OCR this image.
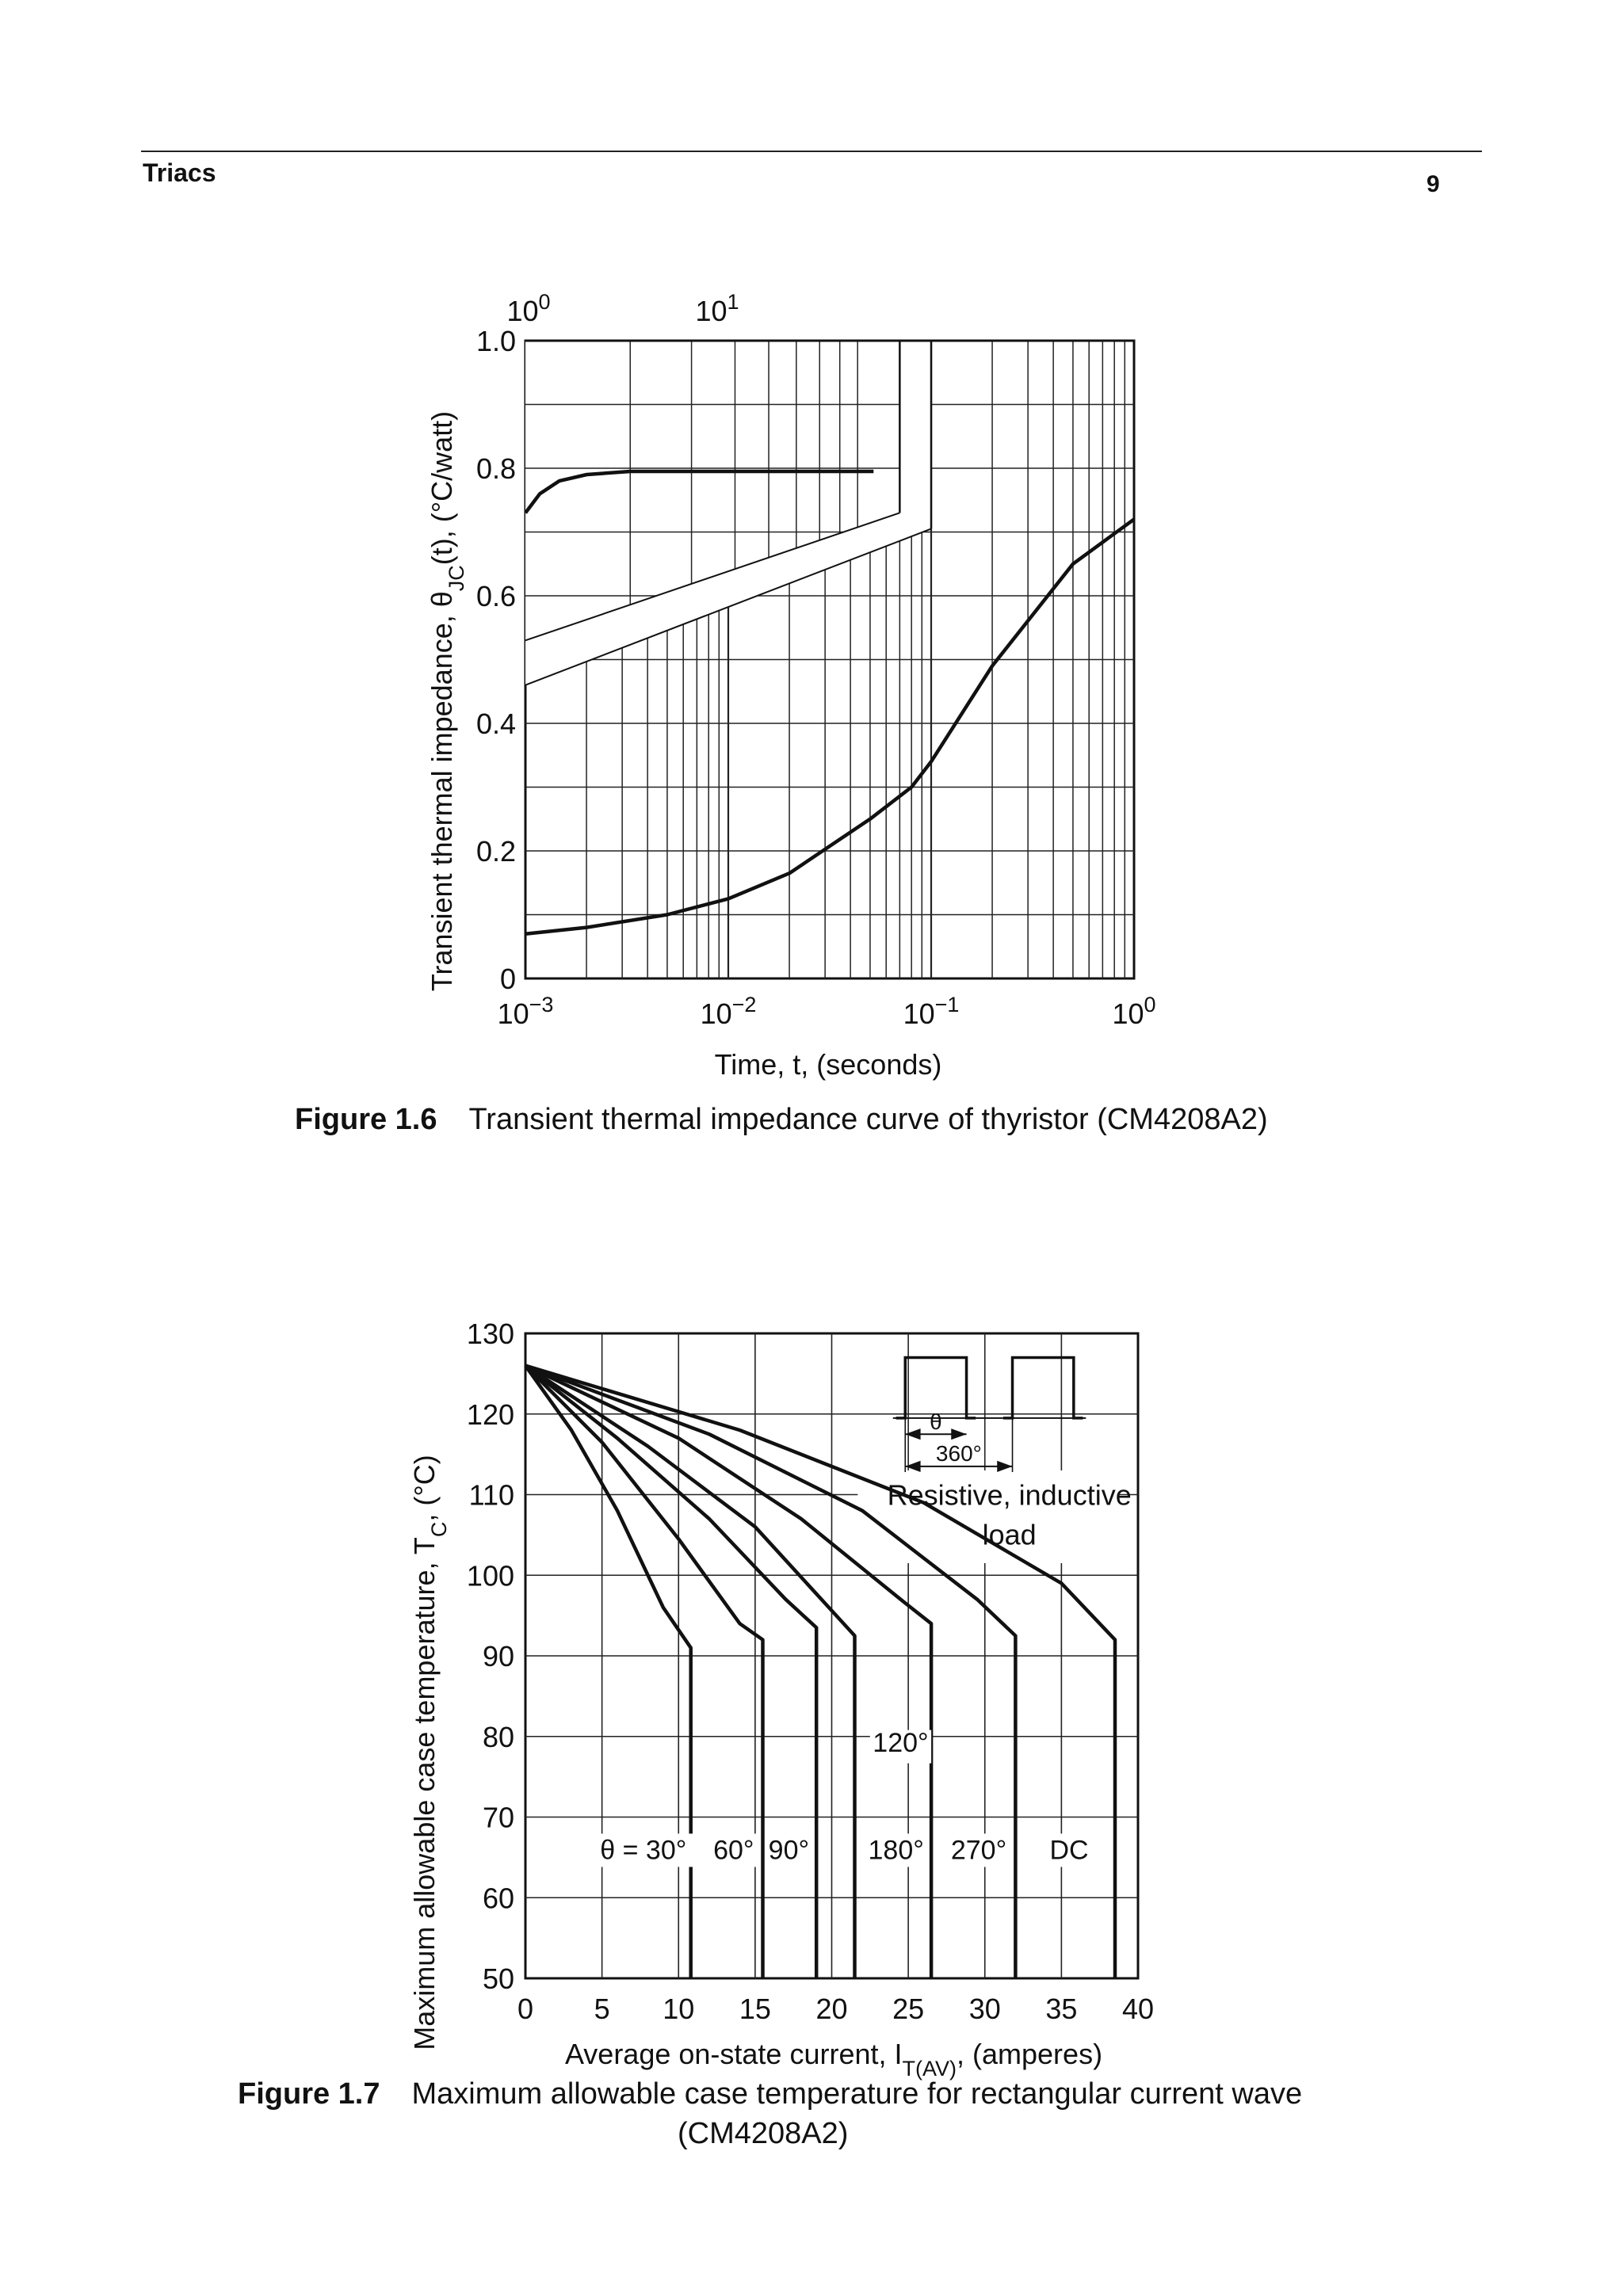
Triacs	9
0
0.2
0.4
0.6
0.8
1.0
$10^{-3}$	$10^{-2}$	$10^{-1}$	$10^0$
$10^0$	$10^1$
Transient thermal impedance, $\theta_{JC}(t)$, (°C/watt)
Time, t, (seconds)
Figure 1.6 Transient thermal impedance curve of thyristor (CM4208A2)
θ
360°
Resistive, inductive
load
50
60
70
80
90
100
110
120
130
0 5 10 15 20 25 30 35 40
θ = 30° 60° 90° 180° 270° DC
120°
Maximum allowable case temperature, $T_C$, (°C)
Average on-state current, $I_{T(AV)}$, (amperes)
Figure 1.7 Maximum allowable case temperature for rectangular current wave
(CM4208A2)
